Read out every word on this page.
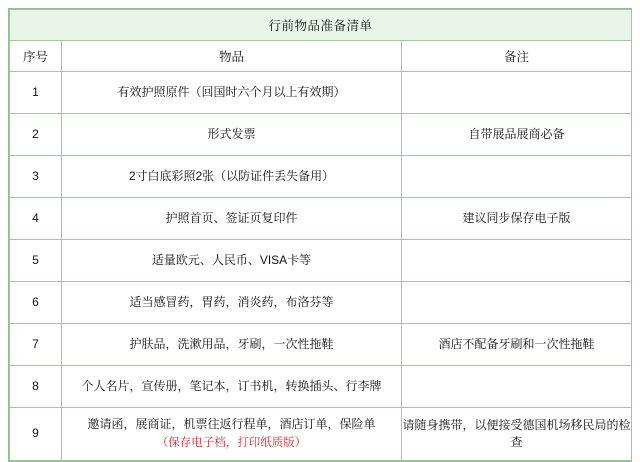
行前物品准备清单		
序号	物品	备注
1	有效护照原件（回国时六个月以上有效期）	

2	形式发票	自带展品展商必备
3	2寸白底彩照2张（以防证件丢失备用）	

4	护照首页、签证页复印件	建议同步保存电子版
5	适量欧元、人民币、VISA卡等	

6	适当感冒药，胃药，消炎药，布洛芬等	

7	护肤品，洗漱用品，牙刷，一次性拖鞋	酒店不配备牙刷和一次性拖鞋
8	个人名片，宣传册，笔记本，订书机，转换插头、行李牌	

9	邀请函，展商证，机票往返行程单，酒店订单，保险单
（保存电子档，打印纸质版）	请随身携带，以便接受德国机场移民局的检查
